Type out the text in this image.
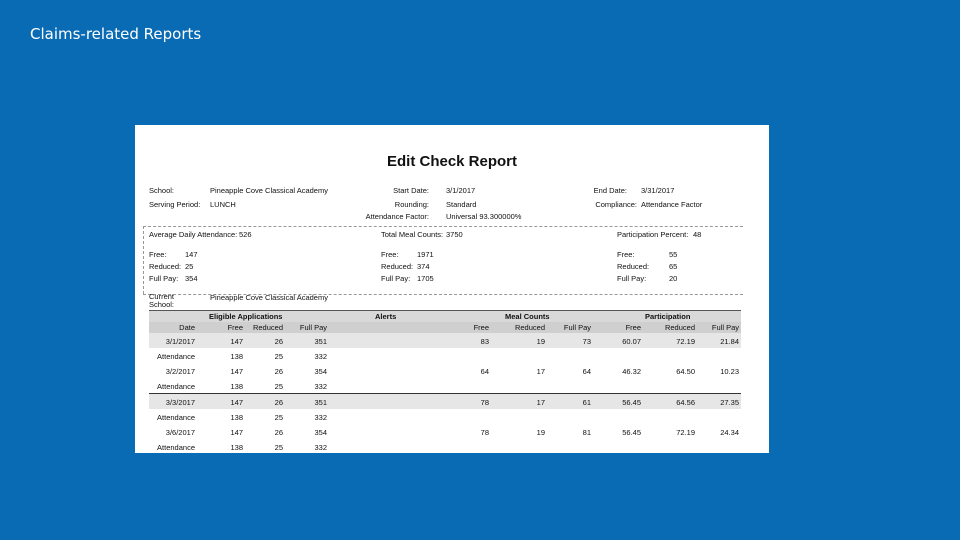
Claims-related Reports
Edit Check Report
School:	Pineapple Cove Classical Academy
Serving Period: LUNCH
Start Date: 3/1/2017
Rounding: Standard
Attendance Factor: Universal 93.300000%
End Date: 3/31/2017
Compliance: Attendance Factor
Average Daily Attendance: 526	Total Meal Counts: 3750	Participation Percent: 48
Free: 147
Reduced: 25
Full Pay: 354
Free: 1971
Reduced: 374
Full Pay: 1705
Free:	55
Reduced:	65
Full Pay:	20
Current School:
Pineapple Cove Classical Academy
Eligible Applications	Alerts	Meal Counts	Participation
Date	Free	Reduced	Full Pay	Free	Reduced	Full Pay	Free	Reduced	Full Pay
3/1/2017	147	26	351	83	19	73	60.07	72.19	21.84
Attendance	138	25	332
3/2/2017	147	26	354	64	17	64	46.32	64.50	10.23
Attendance	138	25	332
3/3/2017	147	26	351	78	17	61	56.45	64.56	27.35
Attendance	138	25	332
3/6/2017	147	26	354	78	19	81	56.45	72.19	24.34
Attendance	138	25	332
